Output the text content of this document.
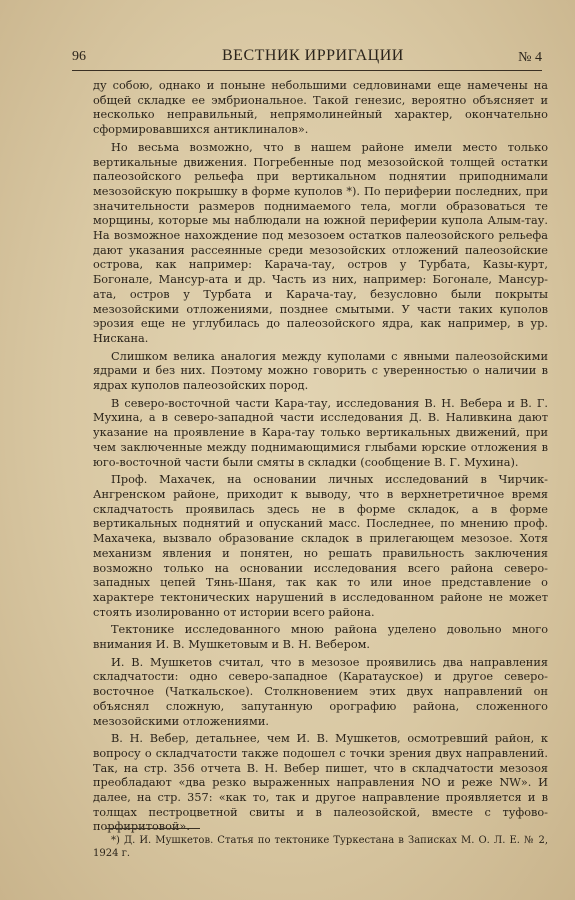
96	ВЕСТНИК ИРРИГАЦИИ	№ 4

ду собою, однако и поныне небольшими седловинами еще намечены на общей складке ее эмбриональное. Такой генезис, вероятно объясняет и несколько неправильный, непрямолинейный характер, окончательно сформировавшихся антиклиналов».

Но весьма возможно, что в нашем районе имели место только вертикальные движения. Погребенные под мезозойской толщей остатки палеозойского рельефа при вертикальном поднятии приподнимали мезозойскую покрышку в форме куполов *). По периферии последних, при значительности размеров поднимаемого тела, могли образоваться те морщины, которые мы наблюдали на южной периферии купола Алым-тау. На возможное нахождение под мезозоем остатков палеозойского рельефа дают указания рассеянные среди мезозойских отложений палеозойские острова, как например: Карача-тау, остров у Турбата, Казы-курт, Богонале, Мансур-ата и др. Часть из них, например: Богонале, Мансур-ата, остров у Турбата и Карача-тау, безусловно были покрыты мезозойскими отложениями, позднее смытыми. У части таких куполов эрозия еще не углубилась до палеозойского ядра, как например, в ур. Нискана.

Слишком велика аналогия между куполами с явными палеозойскими ядрами и без них. Поэтому можно говорить с уверенностью о наличии в ядрах куполов палеозойских пород.

В северо-восточной части Кара-тау, исследования В. Н. Вебера и В. Г. Мухина, а в северо-западной части исследования Д. В. Наливкина дают указание на проявление в Кара-тау только вертикальных движений, при чем заключенные между поднимающимися глыбами юрские отложения в юго-восточной части были смяты в складки (сообщение В. Г. Мухина).

Проф. Махачек, на основании личных исследований в Чирчик-Ангренском районе, приходит к выводу, что в верхнетретичное время складчатость проявилась здесь не в форме складок, а в форме вертикальных поднятий и опусканий масс. Последнее, по мнению проф. Махачека, вызвало образование складок в прилегающем мезозое. Хотя механизм явления и понятен, но решать правильность заключения возможно только на основании исследования всего района северо-западных цепей Тянь-Шаня, так как то или иное представление о характере тектонических нарушений в исследованном районе не может стоять изолированно от истории всего района.

Тектонике исследованного мною района уделено довольно много внимания И. В. Мушкетовым и В. Н. Вебером.

И. В. Мушкетов считал, что в мезозое проявились два направления складчатости: одно северо-западное (Каратауское) и другое северо-восточное (Чаткальское). Столкновением этих двух направлений он объяснял сложную, запутанную орографию района, сложенного мезозойскими отложениями.

В. Н. Вебер, детальнее, чем И. В. Мушкетов, осмотревший район, к вопросу о складчатости также подошел с точки зрения двух направлений. Так, на стр. 356 отчета В. Н. Вебер пишет, что в складчатости мезозоя преобладают «два резко выраженных направления NO и реже NW». И далее, на стр. 357: «как то, так и другое направление проявляется и в толщах пестроцветной свиты и в палеозойской, вместе с туфово-порфиритовой».

*) Д. И. Мушкетов. Статья по тектонике Туркестана в Записках М. О. Л. Е. № 2, 1924 г.
